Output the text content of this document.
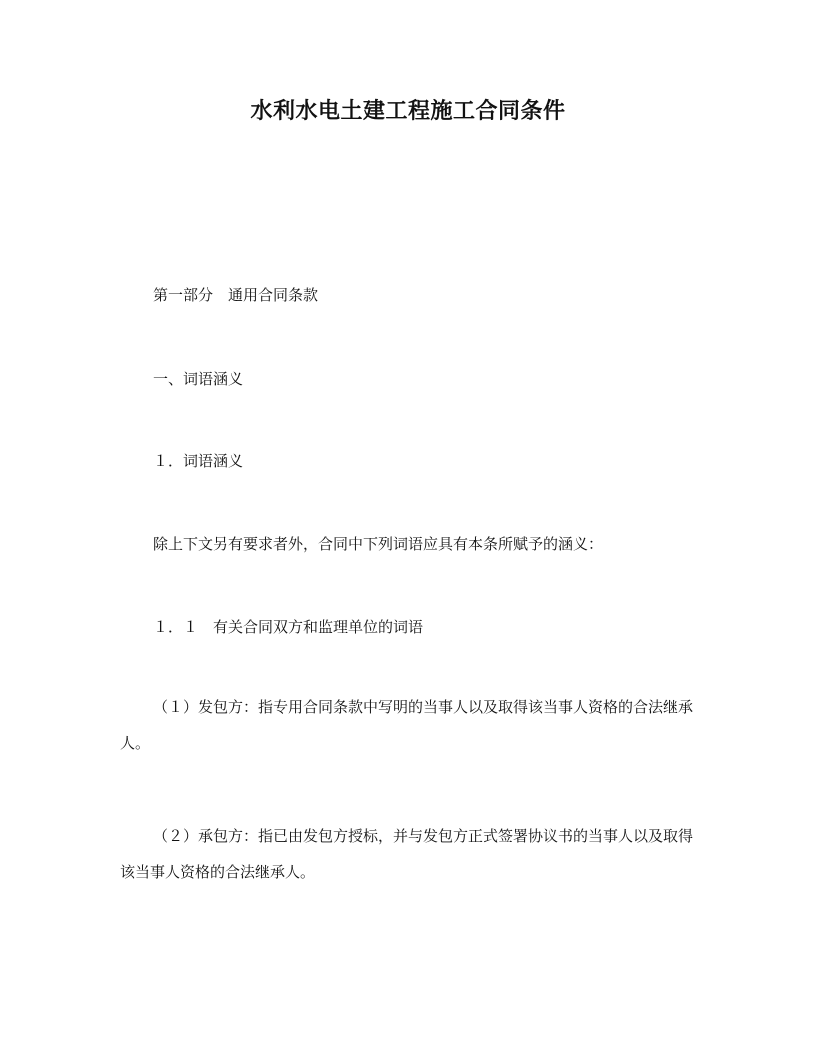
水利水电土建工程施工合同条件

第一部分　通用合同条款

一、词语涵义

１．词语涵义

除上下文另有要求者外，合同中下列词语应具有本条所赋予的涵义：

１．１　有关合同双方和监理单位的词语

（１）发包方：指专用合同条款中写明的当事人以及取得该当事人资格的合法继承人。

（２）承包方：指已由发包方授标，并与发包方正式签署协议书的当事人以及取得该当事人资格的合法继承人。
